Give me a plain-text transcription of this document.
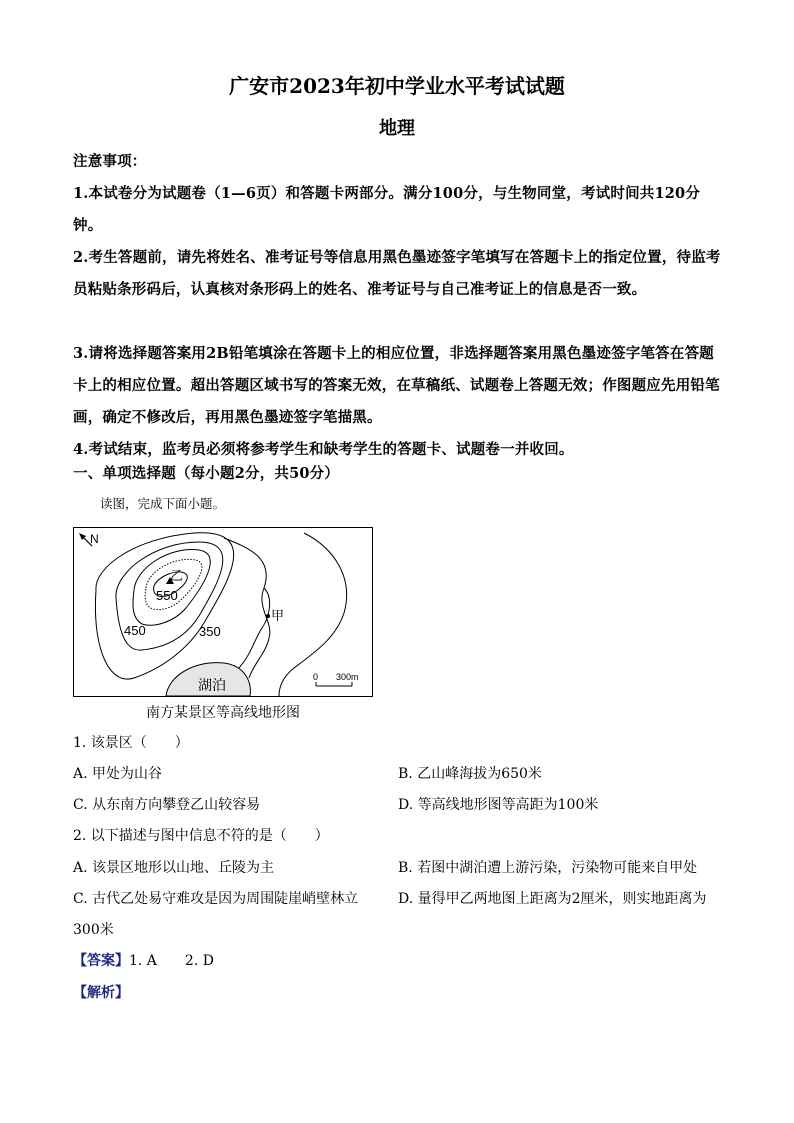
广安市2023年初中学业水平考试试题
地理
注意事项：
1.本试卷分为试题卷（1—6页）和答题卡两部分。满分100分，与生物同堂，考试时间共120分钟。
2.考生答题前，请先将姓名、准考证号等信息用黑色墨迹签字笔填写在答题卡上的指定位置，待监考员粘贴条形码后，认真核对条形码上的姓名、准考证号与自己准考证上的信息是否一致。
3.请将选择题答案用2B铅笔填涂在答题卡上的相应位置，非选择题答案用黑色墨迹签字笔答在答题卡上的相应位置。超出答题区域书写的答案无效，在草稿纸、试题卷上答题无效；作图题应先用铅笔画，确定不修改后，再用黑色墨迹签字笔描黑。
4.考试结束，监考员必须将参考学生和缺考学生的答题卡、试题卷一并收回。
一、单项选择题（每小题2分，共50分）
读图，完成下面小题。
N
乙
550
450	350
甲
湖泊	0 300m
南方某景区等高线地形图
1. 该景区（　　）
A. 甲处为山谷	B. 乙山峰海拔为650米
C. 从东南方向攀登乙山较容易	D. 等高线地形图等高距为100米
2. 以下描述与图中信息不符的是（　　）
A. 该景区地形以山地、丘陵为主	B. 若图中湖泊遭上游污染，污染物可能来自甲处
C. 古代乙处易守难攻是因为周围陡崖峭壁林立	D. 量得甲乙两地图上距离为2厘米，则实地距离为
300米
【答案】1. A　　2. D
【解析】
